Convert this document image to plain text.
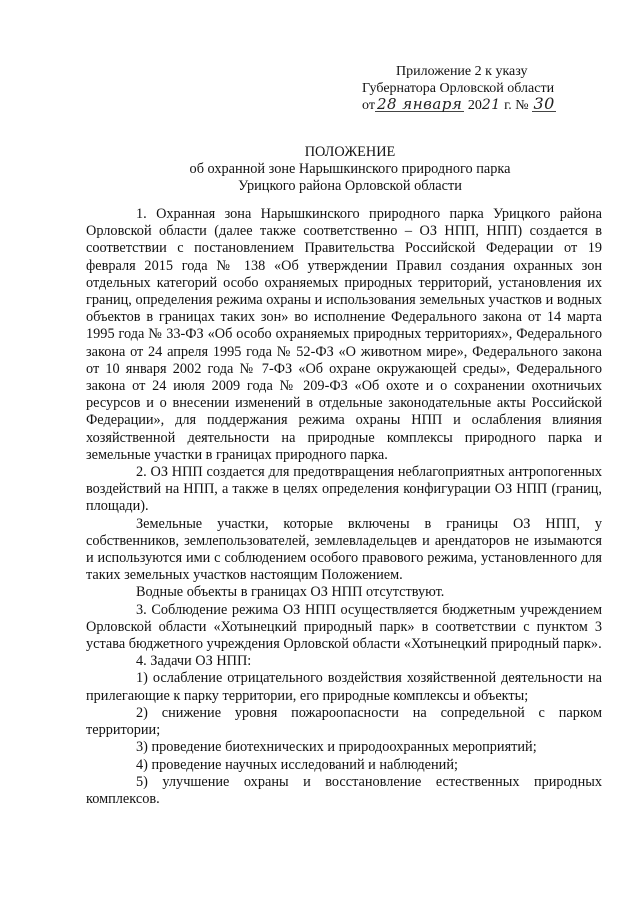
Приложение 2 к указу
Губернатора Орловской области
от 28 января 2021 г. № 30
ПОЛОЖЕНИЕ
об охранной зоне Нарышкинского природного парка
Урицкого района Орловской области

1. Охранная зона Нарышкинского природного парка Урицкого района Орловской области (далее также соответственно – ОЗ НПП, НПП) создается в соответствии с постановлением Правительства Российской Федерации от 19 февраля 2015 года № 138 «Об утверждении Правил создания охранных зон отдельных категорий особо охраняемых природных территорий, установления их границ, определения режима охраны и использования земельных участков и водных объектов в границах таких зон» во исполнение Федерального закона от 14 марта 1995 года № 33-ФЗ «Об особо охраняемых природных территориях», Федерального закона от 24 апреля 1995 года № 52-ФЗ «О животном мире», Федерального закона от 10 января 2002 года № 7-ФЗ «Об охране окружающей среды», Федерального закона от 24 июля 2009 года № 209-ФЗ «Об охоте и о сохранении охотничьих ресурсов и о внесении изменений в отдельные законодательные акты Российской Федерации», для поддержания режима охраны НПП и ослабления влияния хозяйственной деятельности на природные комплексы природного парка и земельные участки в границах природного парка.

2. ОЗ НПП создается для предотвращения неблагоприятных антропогенных воздействий на НПП, а также в целях определения конфигурации ОЗ НПП (границ, площади).

Земельные участки, которые включены в границы ОЗ НПП, у собственников, землепользователей, землевладельцев и арендаторов не изымаются и используются ими с соблюдением особого правового режима, установленного для таких земельных участков настоящим Положением.

Водные объекты в границах ОЗ НПП отсутствуют.

3. Соблюдение режима ОЗ НПП осуществляется бюджетным учреждением Орловской области «Хотынецкий природный парк» в соответствии с пунктом 3 устава бюджетного учреждения Орловской области «Хотынецкий природный парк».

4. Задачи ОЗ НПП:

1) ослабление отрицательного воздействия хозяйственной деятельности на прилегающие к парку территории, его природные комплексы и объекты;

2) снижение уровня пожароопасности на сопредельной с парком территории;

3) проведение биотехнических и природоохранных мероприятий;

4) проведение научных исследований и наблюдений;

5) улучшение охраны и восстановление естественных природных комплексов.
